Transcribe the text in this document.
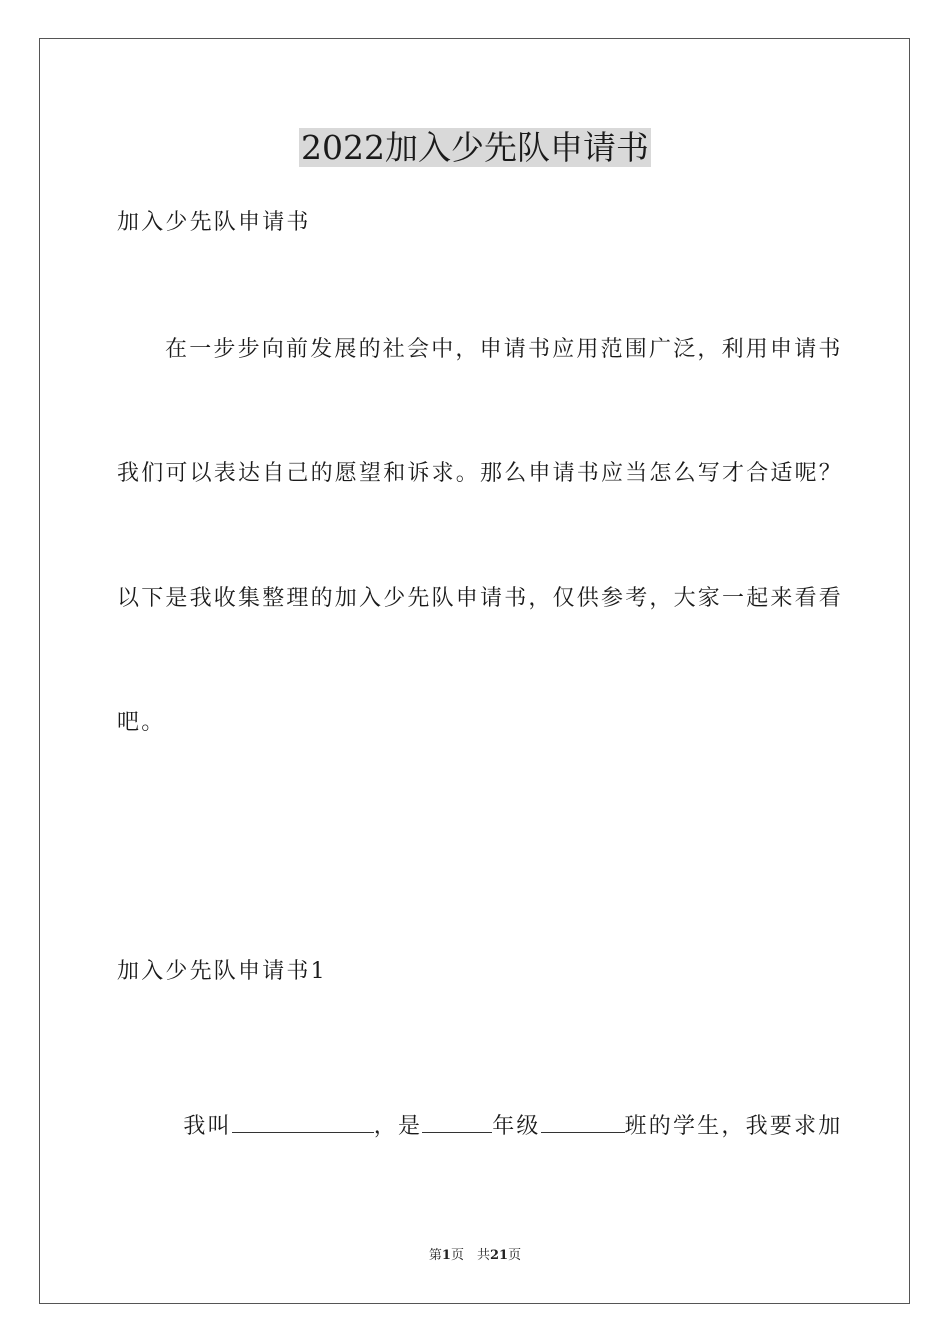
2022加入少先队申请书
加入少先队申请书
在一步步向前发展的社会中，申请书应用范围广泛，利用申请书
我们可以表达自己的愿望和诉求。那么申请书应当怎么写才合适呢？
以下是我收集整理的加入少先队申请书，仅供参考，大家一起来看看
吧。
加入少先队申请书1

我叫	，是	年级	班的学生，我要求加

第1页　共21页
